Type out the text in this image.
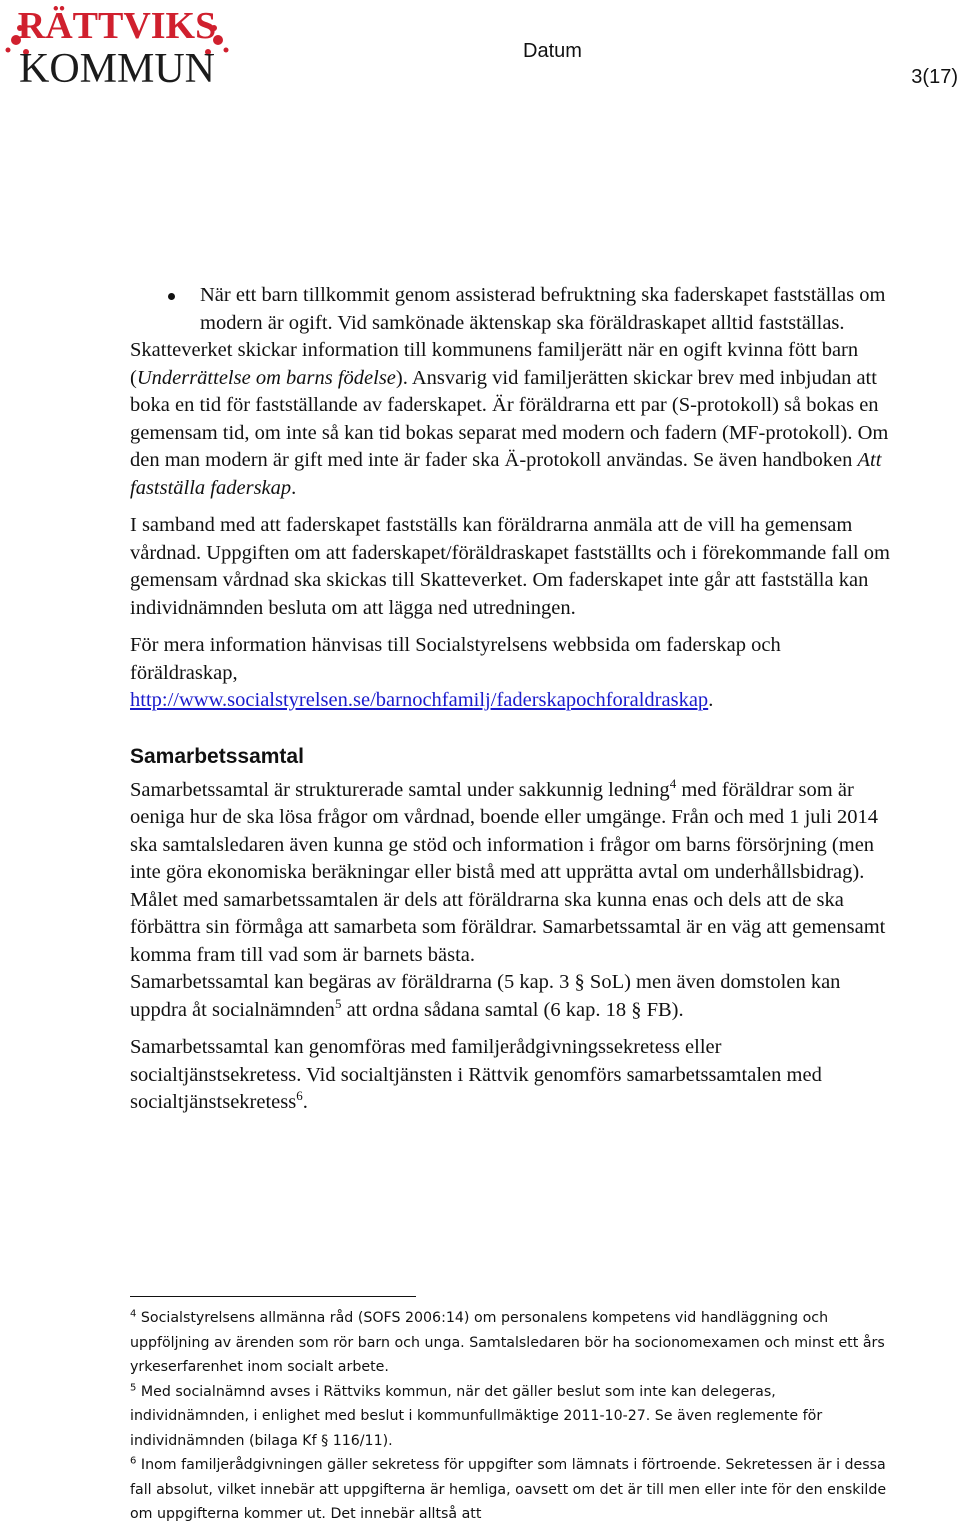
RÄTTVIKS
KOMMUN	Datum
3(17)

När ett barn tillkommit genom assisterad befruktning ska faderskapet fastställas om modern är ogift. Vid samkönade äktenskap ska föräldraskapet alltid fastställas.

Skatteverket skickar information till kommunens familjerätt när en ogift kvinna fött barn (Underrättelse om barns födelse). Ansvarig vid familjerätten skickar brev med inbjudan att boka en tid för fastställande av faderskapet. Är föräldrarna ett par (S-protokoll) så bokas en gemensam tid, om inte så kan tid bokas separat med modern och fadern (MF-protokoll). Om den man modern är gift med inte är fader ska Ä-protokoll användas. Se även handboken Att fastställa faderskap.

I samband med att faderskapet fastställs kan föräldrarna anmäla att de vill ha gemensam vårdnad. Uppgiften om att faderskapet/föräldraskapet fastställts och i förekommande fall om gemensam vårdnad ska skickas till Skatteverket. Om faderskapet inte går att fastställa kan individnämnden besluta om att lägga ned utredningen.

För mera information hänvisas till Socialstyrelsens webbsida om faderskap och föräldraskap,
http://www.socialstyrelsen.se/barnochfamilj/faderskapochforaldraskap.

Samarbetssamtal

Samarbetssamtal är strukturerade samtal under sakkunnig ledning$^4$ med föräldrar som är oeniga hur de ska lösa frågor om vårdnad, boende eller umgänge. Från och med 1 juli 2014 ska samtalsledaren även kunna ge stöd och information i frågor om barns försörjning (men inte göra ekonomiska beräkningar eller bistå med att upprätta avtal om underhållsbidrag). Målet med samarbetssamtalen är dels att föräldrarna ska kunna enas och dels att de ska förbättra sin förmåga att samarbeta som föräldrar. Samarbetssamtal är en väg att gemensamt komma fram till vad som är barnets bästa.
Samarbetssamtal kan begäras av föräldrarna (5 kap. 3 § SoL) men även domstolen kan uppdra åt socialnämnden$^5$ att ordna sådana samtal (6 kap. 18 § FB).

Samarbetssamtal kan genomföras med familjerådgivningssekretess eller socialtjänstsekretess. Vid socialtjänsten i Rättvik genomförs samarbetssamtalen med socialtjänstsekretess$^6$.

$^4$ Socialstyrelsens allmänna råd (SOFS 2006:14) om personalens kompetens vid handläggning och uppföljning av ärenden som rör barn och unga. Samtalsledaren bör ha socionomexamen och minst ett års yrkeserfarenhet inom socialt arbete.

$^5$ Med socialnämnd avses i Rättviks kommun, när det gäller beslut som inte kan delegeras, individnämnden, i enlighet med beslut i kommunfullmäktige 2011-10-27. Se även reglemente för individnämnden (bilaga Kf § 116/11).

$^6$ Inom familjerådgivningen gäller sekretess för uppgifter som lämnats i förtroende. Sekretessen är i dessa fall absolut, vilket innebär att uppgifterna är hemliga, oavsett om det är till men eller inte för den enskilde om uppgifterna kommer ut. Det innebär alltså att
